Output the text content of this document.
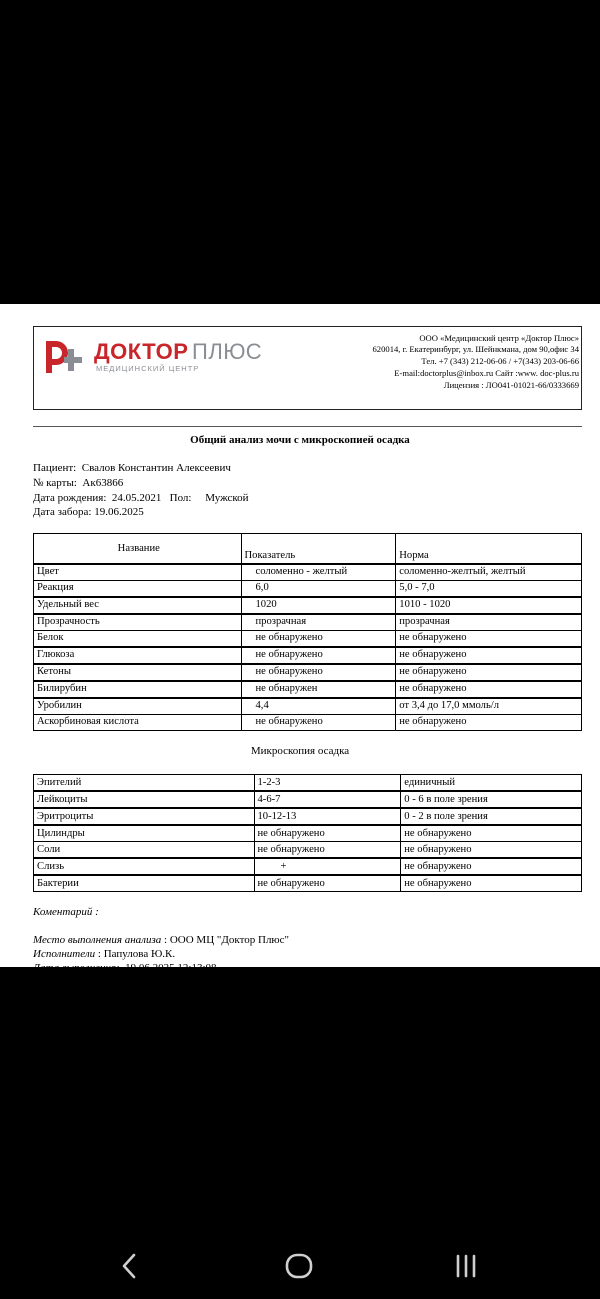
ДОКТОР ПЛЮС
МЕДИЦИНСКИЙ ЦЕНТР
ООО «Медицинский центр «Доктор Плюс»
620014, г. Екатеринбург, ул. Шейнкмана, дом 90,офис 34
Тел. +7 (343) 212-06-06 / +7(343) 203-06-66
E-mail:doctorplus@inbox.ru Сайт :www. doc-plus.ru
Лицензия : ЛО041-01021-66/0333669
Общий анализ мочи с микроскопией осадка
Пациент: Свалов Константин Алексеевич
№ карты: Ак63866
Дата рождения: 24.05.2021 Пол: Мужской
Дата забора: 19.06.2025
Название	Показатель	Норма
Цвет	соломенно - желтый	соломенно-желтый, желтый
Реакция	6,0	5,0 - 7,0
Удельный вес	1020	1010 - 1020
Прозрачность	прозрачная	прозрачная
Белок	не обнаружено	не обнаружено
Глюкоза	не обнаружено	не обнаружено
Кетоны	не обнаружено	не обнаружено
Билирубин	не обнаружен	не обнаружено
Уробилин	4,4	от 3,4 до 17,0 ммоль/л
Аскорбиновая кислота	не обнаружено	не обнаружено
Микроскопия осадка
Эпителий	1-2-3	единичный
Лейкоциты	4-6-7	0 - 6 в поле зрения
Эритроциты	10-12-13	0 - 2 в поле зрения
Цилиндры	не обнаружено	не обнаружено
Соли	не обнаружено	не обнаружено
Слизь	+	не обнаружено
Бактерии	не обнаружено	не обнаружено
Коментарий :
Место выполнения анализа : ООО МЦ "Доктор Плюс"
Исполнители : Папулова Ю.К.
Дата выполнения: 19.06.2025 12:13:08
